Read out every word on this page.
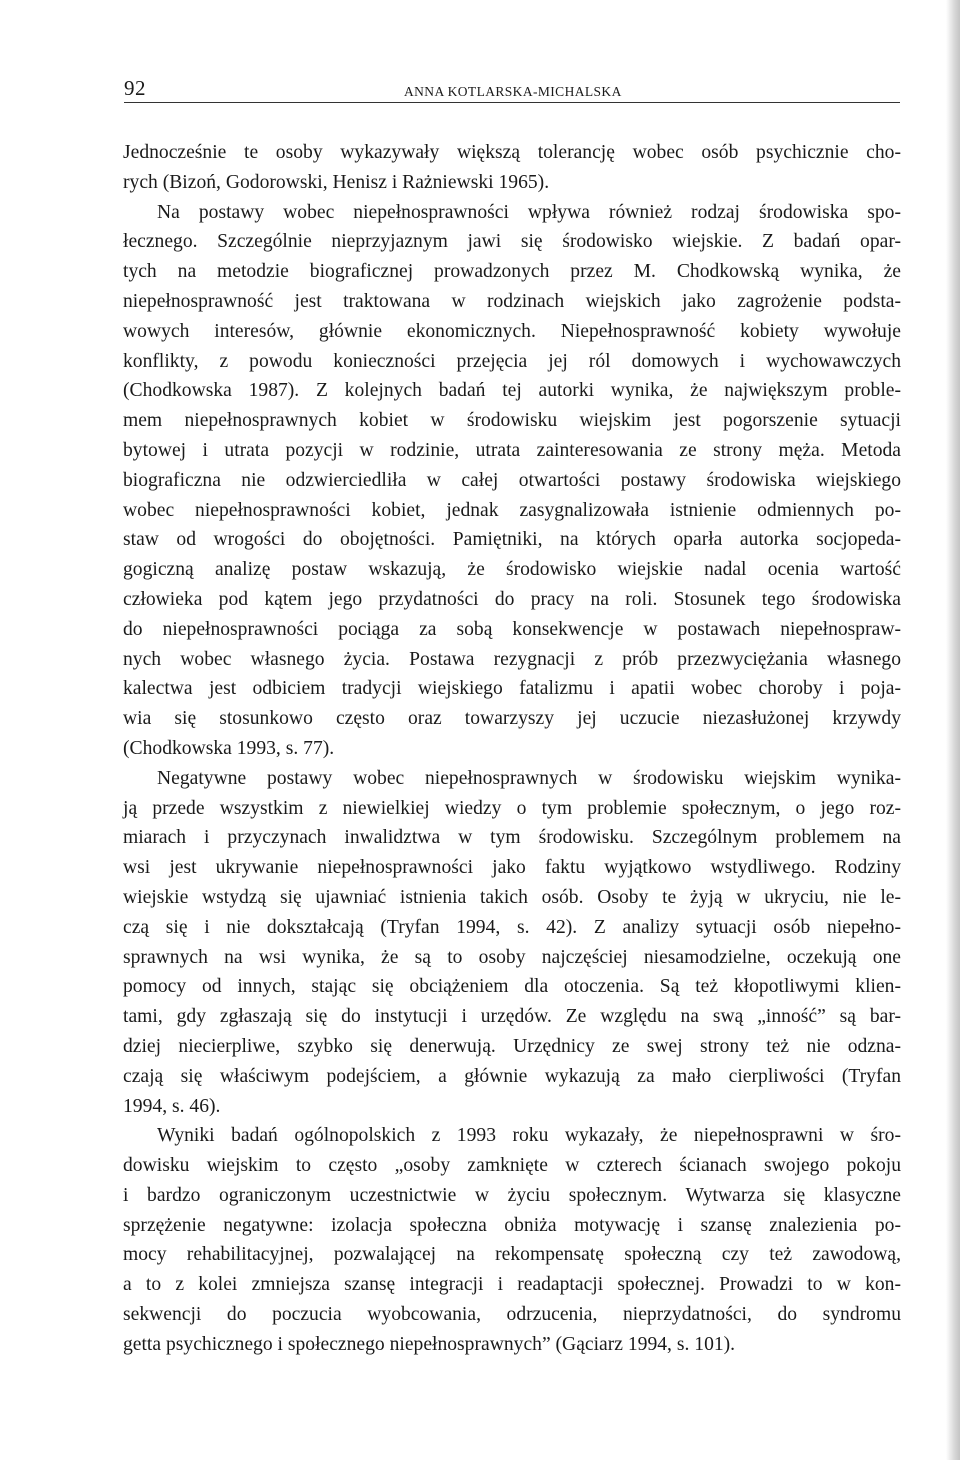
92	ANNA KOTLARSKA-MICHALSKA

Jednocześnie te osoby wykazywały większą tolerancję wobec osób psychicznie cho-
rych (Bizoń, Godorowski, Henisz i Rażniewski 1965).

Na postawy wobec niepełnosprawności wpływa również rodzaj środowiska spo-
łecznego. Szczególnie nieprzyjaznym jawi się środowisko wiejskie. Z badań opar-
tych na metodzie biograficznej prowadzonych przez M. Chodkowską wynika, że
niepełnosprawność jest traktowana w rodzinach wiejskich jako zagrożenie podsta-
wowych interesów, głównie ekonomicznych. Niepełnosprawność kobiety wywołuje
konflikty, z powodu konieczności przejęcia jej ról domowych i wychowawczych
(Chodkowska 1987). Z kolejnych badań tej autorki wynika, że największym proble-
mem niepełnosprawnych kobiet w środowisku wiejskim jest pogorszenie sytuacji
bytowej i utrata pozycji w rodzinie, utrata zainteresowania ze strony męża. Metoda
biograficzna nie odzwierciedliła w całej otwartości postawy środowiska wiejskiego
wobec niepełnosprawności kobiet, jednak zasygnalizowała istnienie odmiennych po-
staw od wrogości do obojętności. Pamiętniki, na których oparła autorka socjopeda-
gogiczną analizę postaw wskazują, że środowisko wiejskie nadal ocenia wartość
człowieka pod kątem jego przydatności do pracy na roli. Stosunek tego środowiska
do niepełnosprawności pociąga za sobą konsekwencje w postawach niepełnospraw-
nych wobec własnego życia. Postawa rezygnacji z prób przezwyciężania własnego
kalectwa jest odbiciem tradycji wiejskiego fatalizmu i apatii wobec choroby i poja-
wia się stosunkowo często oraz towarzyszy jej uczucie niezasłużonej krzywdy
(Chodkowska 1993, s. 77).

Negatywne postawy wobec niepełnosprawnych w środowisku wiejskim wynika-
ją przede wszystkim z niewielkiej wiedzy o tym problemie społecznym, o jego roz-
miarach i przyczynach inwalidztwa w tym środowisku. Szczególnym problemem na
wsi jest ukrywanie niepełnosprawności jako faktu wyjątkowo wstydliwego. Rodziny
wiejskie wstydzą się ujawniać istnienia takich osób. Osoby te żyją w ukryciu, nie le-
czą się i nie dokształcają (Tryfan 1994, s. 42). Z analizy sytuacji osób niepełno-
sprawnych na wsi wynika, że są to osoby najczęściej niesamodzielne, oczekują one
pomocy od innych, stając się obciążeniem dla otoczenia. Są też kłopotliwymi klien-
tami, gdy zgłaszają się do instytucji i urzędów. Ze względu na swą „inność” są bar-
dziej niecierpliwe, szybko się denerwują. Urzędnicy ze swej strony też nie odzna-
czają się właściwym podejściem, a głównie wykazują za mało cierpliwości (Tryfan
1994, s. 46).

Wyniki badań ogólnopolskich z 1993 roku wykazały, że niepełnosprawni w śro-
dowisku wiejskim to często „osoby zamknięte w czterech ścianach swojego pokoju
i bardzo ograniczonym uczestnictwie w życiu społecznym. Wytwarza się klasyczne
sprzężenie negatywne: izolacja społeczna obniża motywację i szansę znalezienia po-
mocy rehabilitacyjnej, pozwalającej na rekompensatę społeczną czy też zawodową,
a to z kolei zmniejsza szansę integracji i readaptacji społecznej. Prowadzi to w kon-
sekwencji do poczucia wyobcowania, odrzucenia, nieprzydatności, do syndromu
getta psychicznego i społecznego niepełnosprawnych” (Gąciarz 1994, s. 101).
